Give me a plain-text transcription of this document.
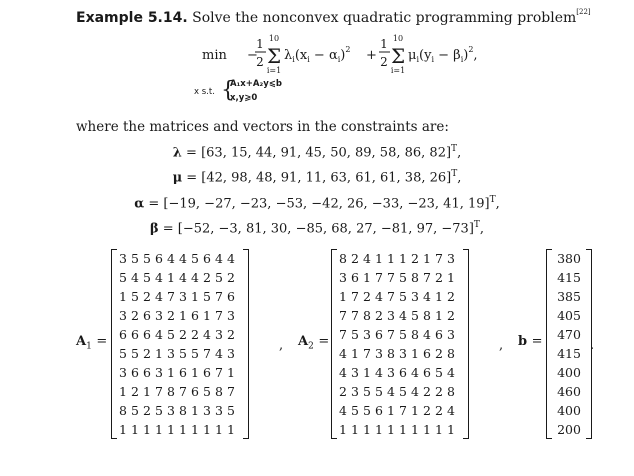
Example 5.14. Solve the nonconvex quadratic programming problem[22]
min −
1
2
10
Σ
i=1
$\lambda_i(x_i - \alpha_i)^2$ +
1
2
10
Σ
i=1
$\mu_i(y_i - \beta_i)^2$,
x s.t. {
A₁x+A₂y⩽b
x,y⩾0
where the matrices and vectors in the constraints are:
λ = [63, 15, 44, 91, 45, 50, 89, 58, 86, 82]$^T$,
μ = [42, 98, 48, 91, 11, 63, 61, 61, 38, 26]$^T$,
α = [−19, −27, −23, −53, −42, 26, −33, −23, 41, 19]$^T$,
β = [−52, −3, 81, 30, −85, 68, 27, −81, 97, −73]$^T$,
$A_1$ =	$A_2$ =	b =
,	,	.
3	5	5	6	4	4	5	6	4	4
5	4	5	4	1	4	4	2	5	2
1	5	2	4	7	3	1	5	7	6
3	2	6	3	2	1	6	1	7	3
6	6	6	4	5	2	2	4	3	2
5	5	2	1	3	5	5	7	4	3
3	6	6	3	1	6	1	6	7	1
1	2	1	7	8	7	6	5	8	7
8	5	2	5	3	8	1	3	3	5
1	1	1	1	1	1	1	1	1	1
8	2	4	1	1	1	2	1	7	3
3	6	1	7	7	5	8	7	2	1
1	7	2	4	7	5	3	4	1	2
7	7	8	2	3	4	5	8	1	2
7	5	3	6	7	5	8	4	6	3
4	1	7	3	8	3	1	6	2	8
4	3	1	4	3	6	4	6	5	4
2	3	5	5	4	5	4	2	2	8
4	5	5	6	1	7	1	2	2	4
1	1	1	1	1	1	1	1	1	1
380
415
385
405
470
415
400
460
400
200
